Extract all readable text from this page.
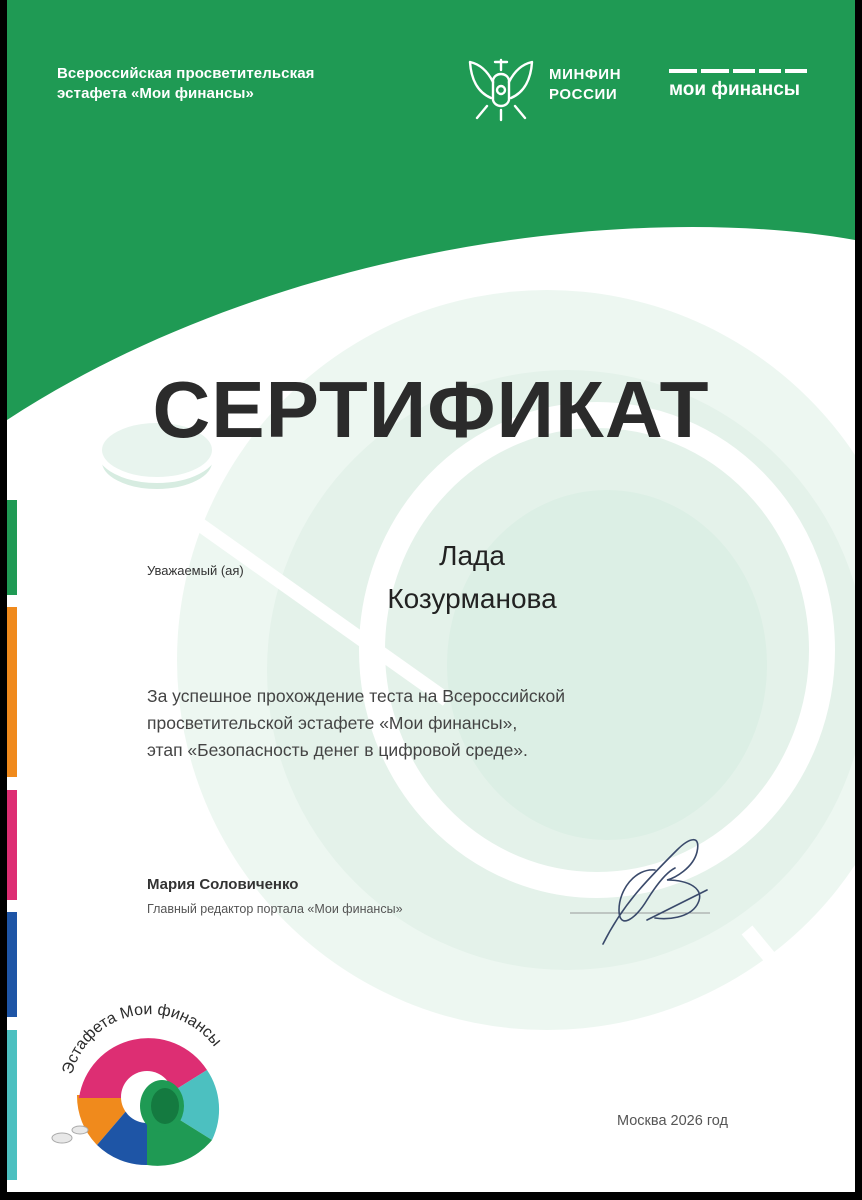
Эстафета Мои финансы

Всероссийская просветительская

эстафета «Мои финансы»

МИНФИН

РОССИИ	мои финансы

СЕРТИФИКАТ

Уважаемый (ая)	Лада

Козурманова

За успешное прохождение теста на Всероссийской

просветительской эстафете «Мои финансы»,

этап «Безопасность денег в цифровой среде».

Мария Соловиченко

Главный редактор портала «Мои финансы»

Москва 2026 год
